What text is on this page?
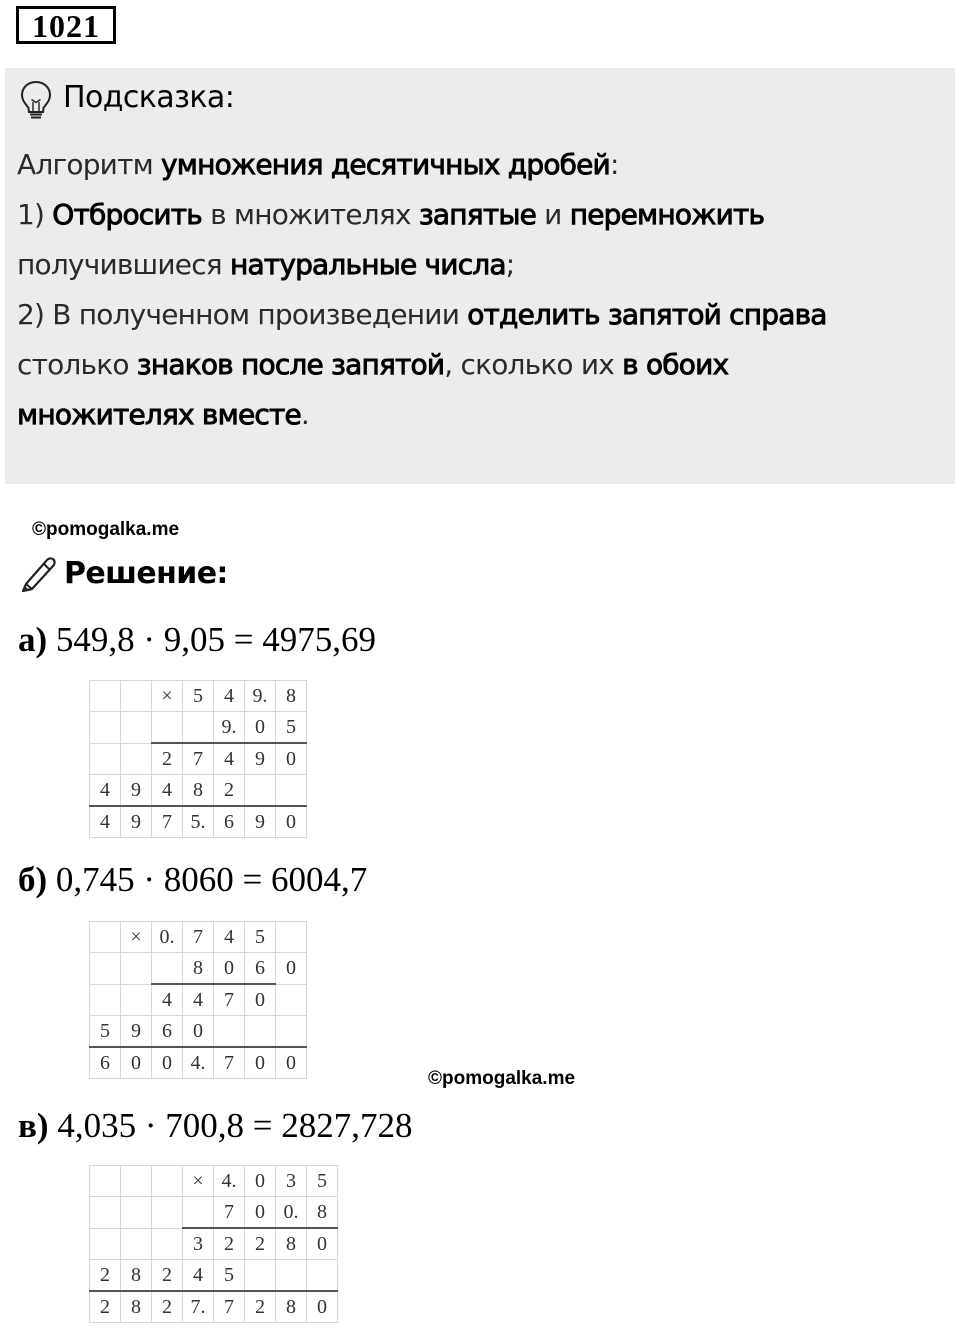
1021
Подсказка:
Алгоритм умножения десятичных дробей:
1) Отбросить в множителях запятые и перемножить
получившиеся натуральные числа;
2) В полученном произведении отделить запятой справа
столько знаков после запятой, сколько их в обоих
множителях вместе.
©pomogalka.me
Решение:
а) 549,8 · 9,05 = 4975,69
		×	5	4	9.	8
				9.	0	5
		2	7	4	9	0
4	9	4	8	2		
4	9	7	5.	6	9	0
б) 0,745 · 8060 = 6004,7
	×	0.	7	4	5	
			8	0	6	0
		4	4	7	0	
5	9	6	0			
6	0	0	4.	7	0	0
©pomogalka.me
в) 4,035 · 700,8 = 2827,728
			×	4.	0	3	5
				7	0	0.	8
			3	2	2	8	0
2	8	2	4	5			
2	8	2	7.	7	2	8	0
